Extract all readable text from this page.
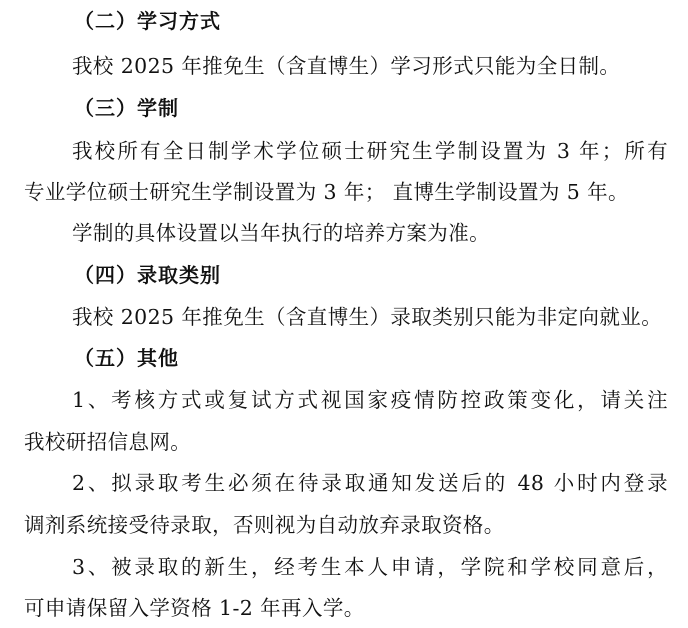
（二）学习方式
我校 2025 年推免生（含直博生）学习形式只能为全日制。
（三）学制
我校所有全日制学术学位硕士研究生学制设置为 3 年；所有
专业学位硕士研究生学制设置为 3 年； 直博生学制设置为 5 年。
学制的具体设置以当年执行的培养方案为准。
（四）录取类别
我校 2025 年推免生（含直博生）录取类别只能为非定向就业。
（五）其他
1、考核方式或复试方式视国家疫情防控政策变化，请关注
我校研招信息网。
2、拟录取考生必须在待录取通知发送后的 48 小时内登录
调剂系统接受待录取，否则视为自动放弃录取资格。
3、被录取的新生，经考生本人申请，学院和学校同意后，
可申请保留入学资格 1-2 年再入学。
